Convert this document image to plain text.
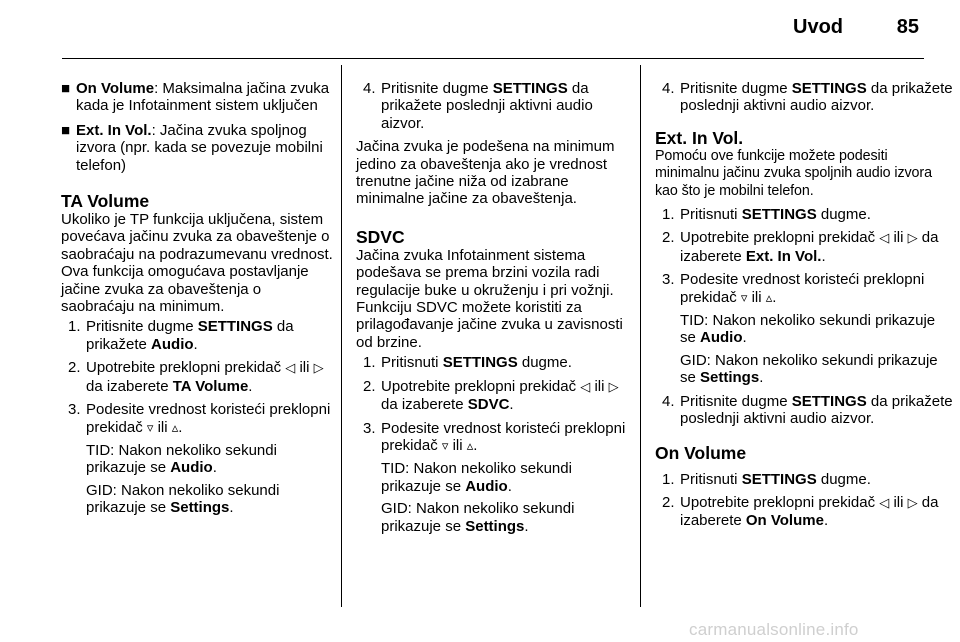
Uvod	85
■ On Volume: Maksimalna jačina zvuka kada je Infotainment sistem uključen
■ Ext. In Vol.: Jačina zvuka spoljnog izvora (npr. kada se povezuje mobilni telefon)
TA Volume

Ukoliko je TP funkcija uključena, sistem povećava jačinu zvuka za obaveštenje o saobraćaju na podrazumevanu vrednost. Ova funkcija omogućava postavljanje jačine zvuka za obaveštenja o saobraćaju na minimum.

1. Pritisnite dugme SETTINGS da prikažete Audio.
2. Upotrebite preklopni prekidač ◁ ili ▷ da izaberete TA Volume.
3. Podesite vrednost koristeći preklopni prekidač ▿ ili ▵.

TID: Nakon nekoliko sekundi prikazuje se Audio.

GID: Nakon nekoliko sekundi prikazuje se Settings.

4. Pritisnite dugme SETTINGS da prikažete poslednji aktivni audio aizvor.

Jačina zvuka je podešena na minimum jedino za obaveštenja ako je vrednost trenutne jačine niža od izabrane minimalne jačine za obaveštenja.

SDVC

Jačina zvuka Infotainment sistema podešava se prema brzini vozila radi regulacije buke u okruženju i pri vožnji. Funkciju SDVC možete koristiti za prilagođavanje jačine zvuka u zavisnosti od brzine.

1. Pritisnuti SETTINGS dugme.
2. Upotrebite preklopni prekidač ◁ ili ▷ da izaberete SDVC.
3. Podesite vrednost koristeći preklopni prekidač ▿ ili ▵.

TID: Nakon nekoliko sekundi prikazuje se Audio.

GID: Nakon nekoliko sekundi prikazuje se Settings.

4. Pritisnite dugme SETTINGS da prikažete poslednji aktivni audio aizvor.
Ext. In Vol.

Pomoću ove funkcije možete podesiti minimalnu jačinu zvuka spoljnih audio izvora kao što je mobilni telefon.

1. Pritisnuti SETTINGS dugme.
2. Upotrebite preklopni prekidač ◁ ili ▷ da izaberete Ext. In Vol..
3. Podesite vrednost koristeći preklopni prekidač ▿ ili ▵.

TID: Nakon nekoliko sekundi prikazuje se Audio.

GID: Nakon nekoliko sekundi prikazuje se Settings.

4. Pritisnite dugme SETTINGS da prikažete poslednji aktivni audio aizvor.
On Volume
1. Pritisnuti SETTINGS dugme.
2. Upotrebite preklopni prekidač ◁ ili ▷ da izaberete On Volume.
carmanualsonline.info
